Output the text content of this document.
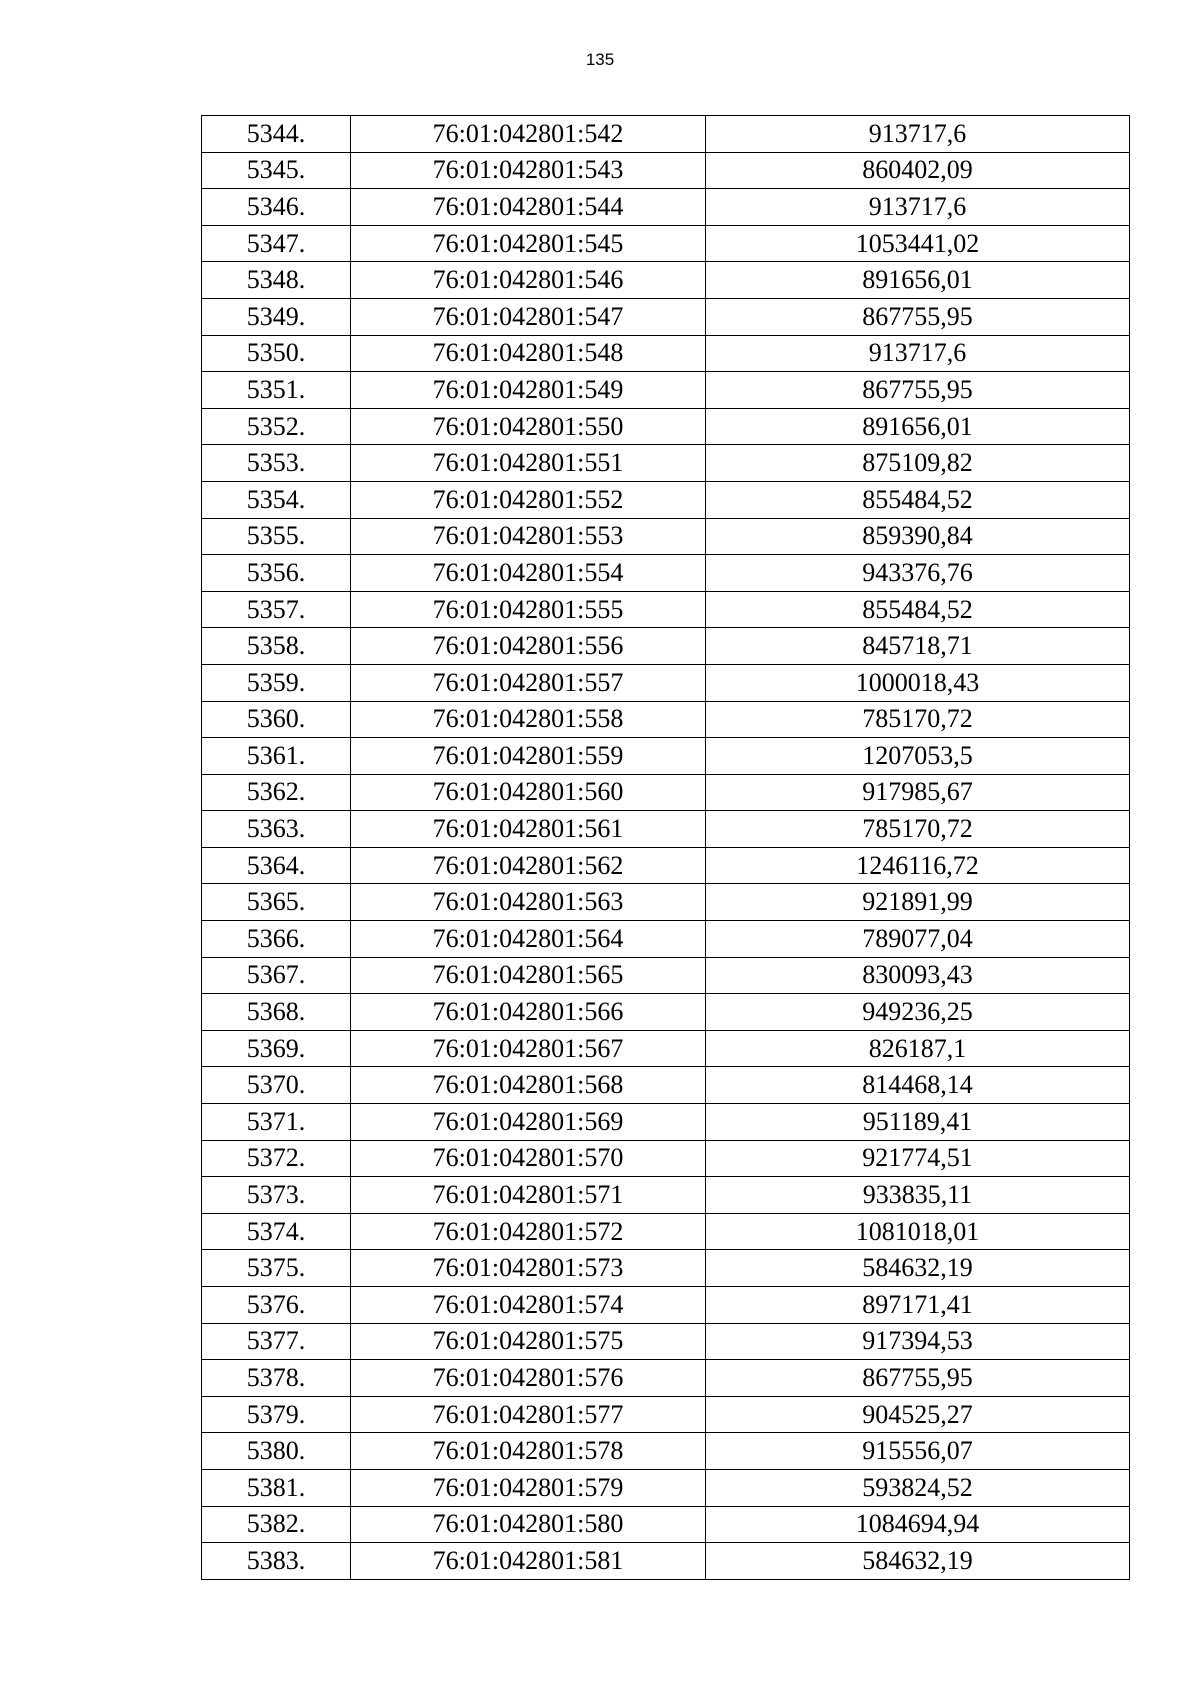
135
5344.	76:01:042801:542	913717,6
5345.	76:01:042801:543	860402,09
5346.	76:01:042801:544	913717,6
5347.	76:01:042801:545	1053441,02
5348.	76:01:042801:546	891656,01
5349.	76:01:042801:547	867755,95
5350.	76:01:042801:548	913717,6
5351.	76:01:042801:549	867755,95
5352.	76:01:042801:550	891656,01
5353.	76:01:042801:551	875109,82
5354.	76:01:042801:552	855484,52
5355.	76:01:042801:553	859390,84
5356.	76:01:042801:554	943376,76
5357.	76:01:042801:555	855484,52
5358.	76:01:042801:556	845718,71
5359.	76:01:042801:557	1000018,43
5360.	76:01:042801:558	785170,72
5361.	76:01:042801:559	1207053,5
5362.	76:01:042801:560	917985,67
5363.	76:01:042801:561	785170,72
5364.	76:01:042801:562	1246116,72
5365.	76:01:042801:563	921891,99
5366.	76:01:042801:564	789077,04
5367.	76:01:042801:565	830093,43
5368.	76:01:042801:566	949236,25
5369.	76:01:042801:567	826187,1
5370.	76:01:042801:568	814468,14
5371.	76:01:042801:569	951189,41
5372.	76:01:042801:570	921774,51
5373.	76:01:042801:571	933835,11
5374.	76:01:042801:572	1081018,01
5375.	76:01:042801:573	584632,19
5376.	76:01:042801:574	897171,41
5377.	76:01:042801:575	917394,53
5378.	76:01:042801:576	867755,95
5379.	76:01:042801:577	904525,27
5380.	76:01:042801:578	915556,07
5381.	76:01:042801:579	593824,52
5382.	76:01:042801:580	1084694,94
5383.	76:01:042801:581	584632,19
